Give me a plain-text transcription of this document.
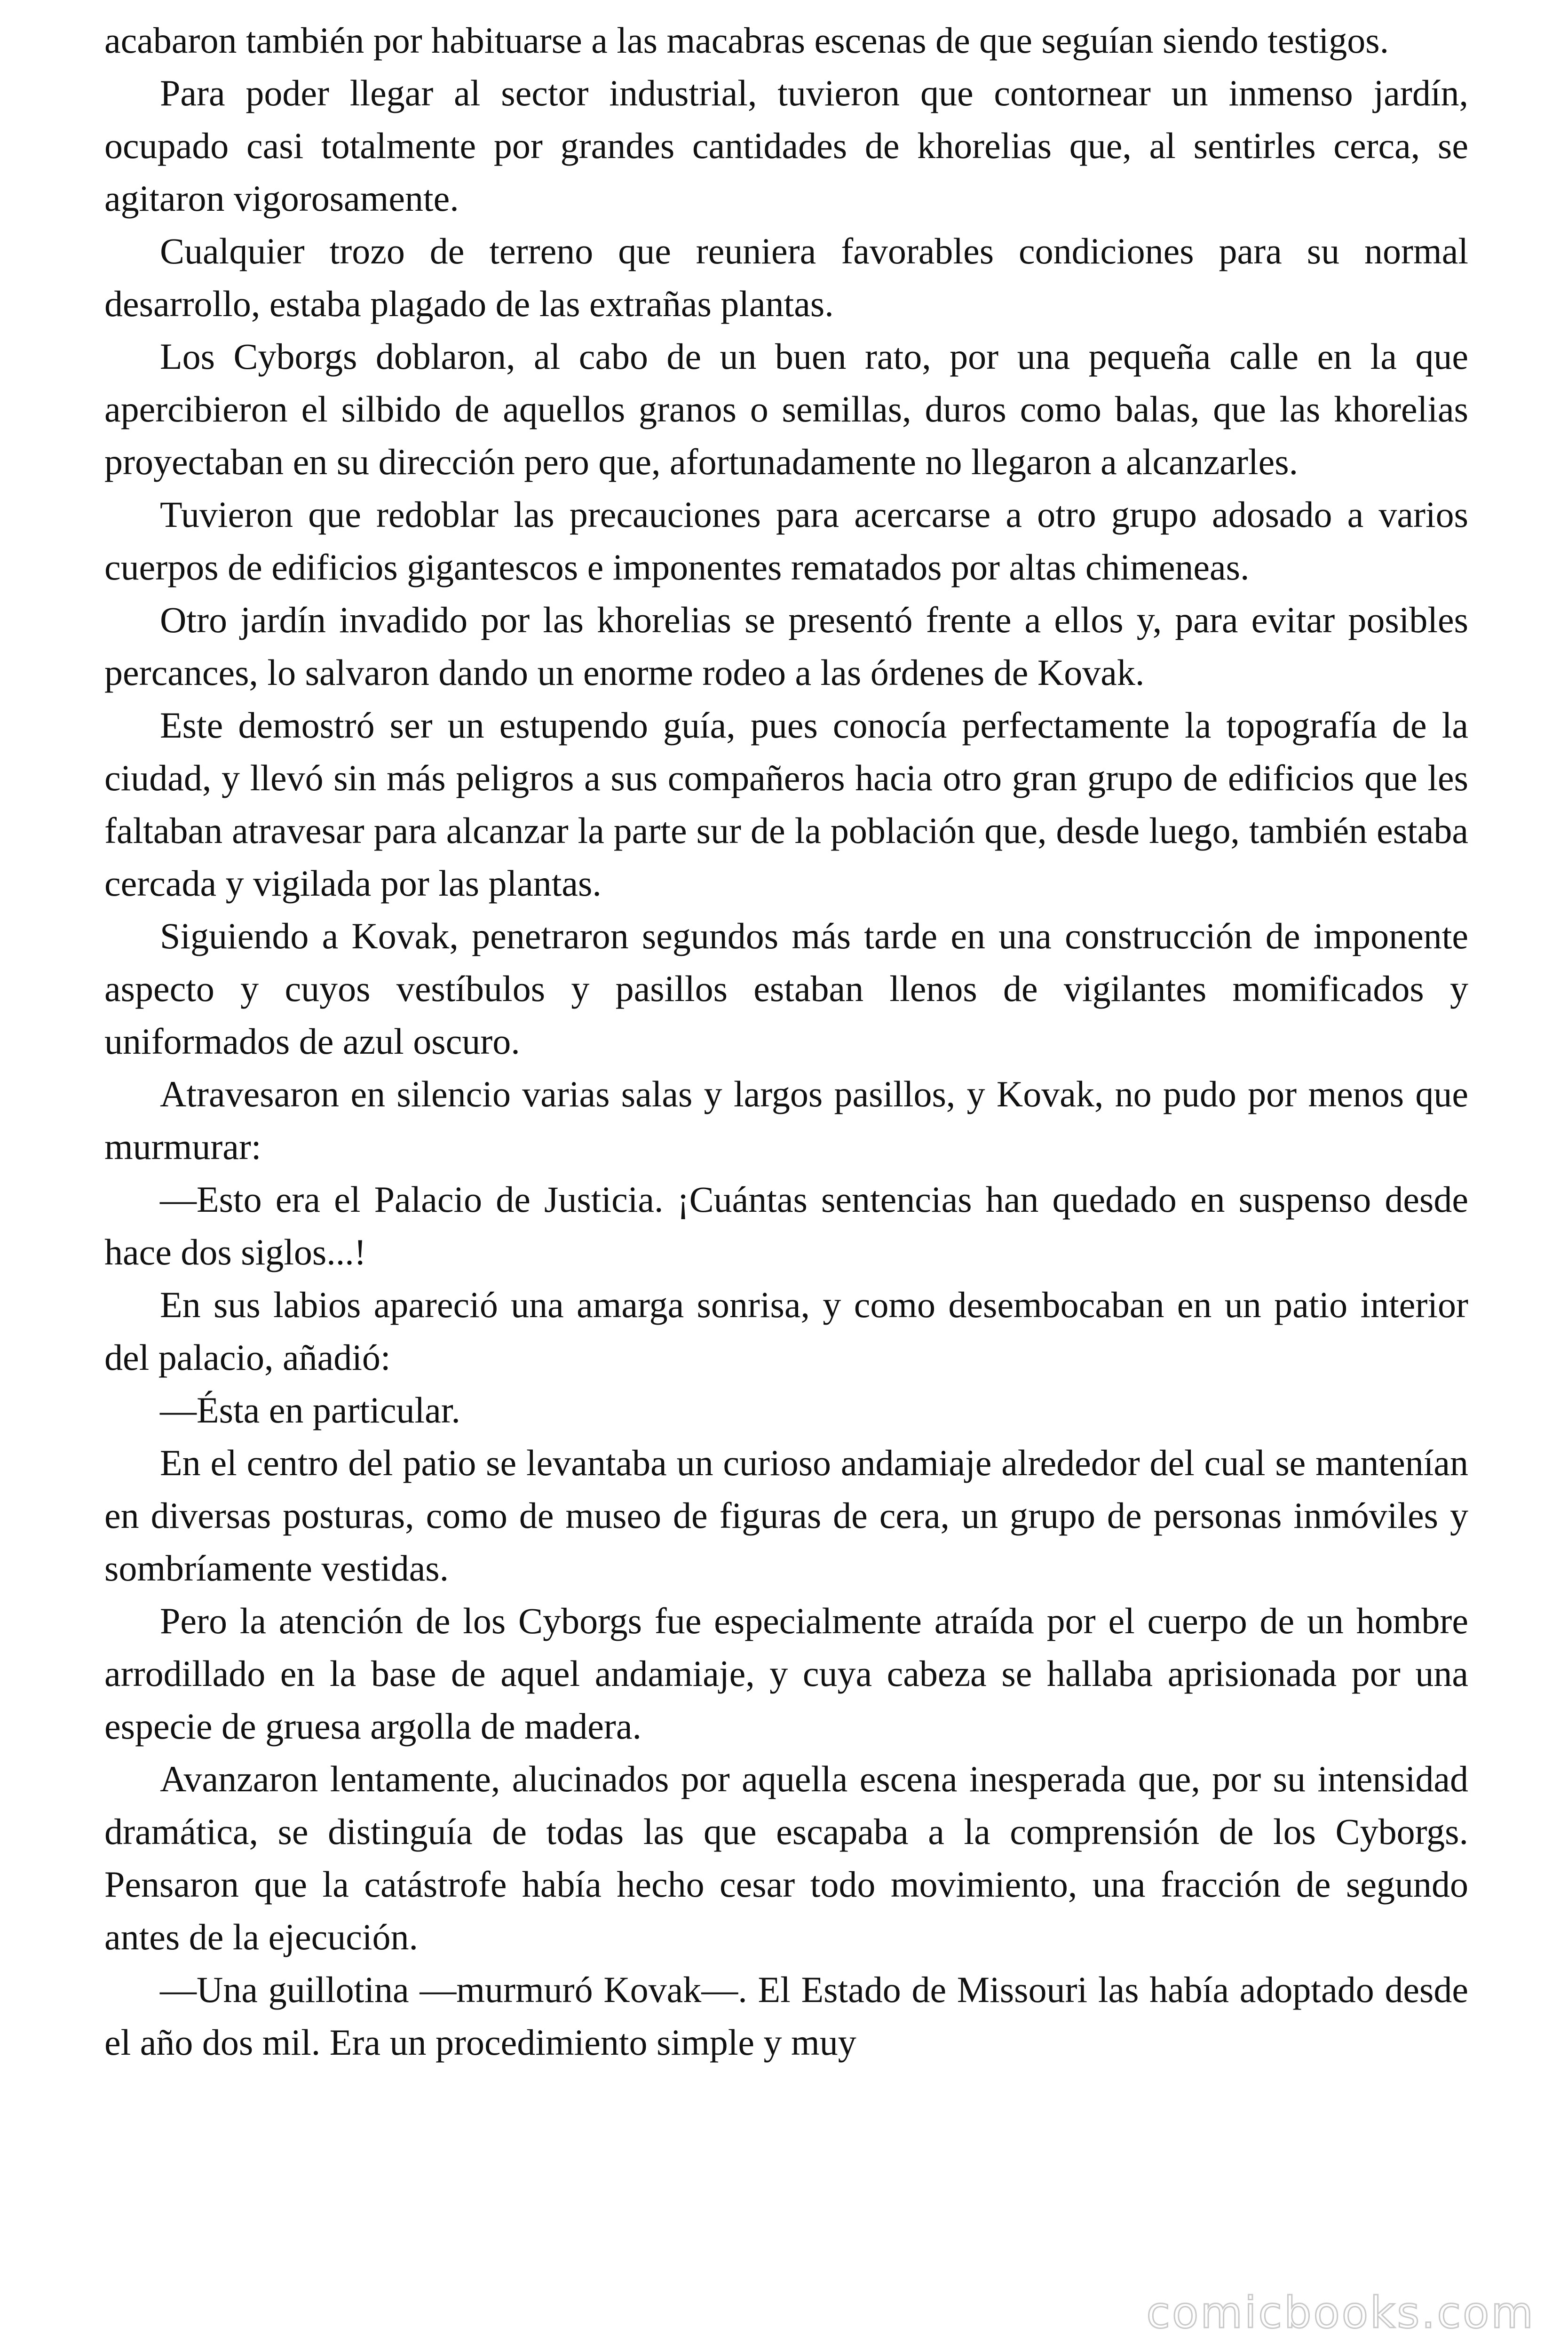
acabaron también por habituarse a las macabras escenas de que seguían siendo testigos.

Para poder llegar al sector industrial, tuvieron que contornear un inmenso jardín, ocupado casi totalmente por grandes cantidades de khorelias que, al sentirles cerca, se agitaron vigorosamente.

Cualquier trozo de terreno que reuniera favorables condiciones para su normal desarrollo, estaba plagado de las extrañas plantas.

Los Cyborgs doblaron, al cabo de un buen rato, por una pequeña calle en la que apercibieron el silbido de aquellos granos o semillas, duros como balas, que las khorelias proyectaban en su dirección pero que, afortunadamente no llegaron a alcanzarles.

Tuvieron que redoblar las precauciones para acercarse a otro grupo adosado a varios cuerpos de edificios gigantescos e imponentes rematados por altas chimeneas.

Otro jardín invadido por las khorelias se presentó frente a ellos y, para evitar posibles percances, lo salvaron dando un enorme rodeo a las órdenes de Kovak.

Este demostró ser un estupendo guía, pues conocía perfectamente la topografía de la ciudad, y llevó sin más peligros a sus compañeros hacia otro gran grupo de edificios que les faltaban atravesar para alcanzar la parte sur de la población que, desde luego, también estaba cercada y vigilada por las plantas.

Siguiendo a Kovak, penetraron segundos más tarde en una construcción de imponente aspecto y cuyos vestíbulos y pasillos estaban llenos de vigilantes momificados y uniformados de azul oscuro.

Atravesaron en silencio varias salas y largos pasillos, y Kovak, no pudo por menos que murmurar:

—Esto era el Palacio de Justicia. ¡Cuántas sentencias han quedado en suspenso desde hace dos siglos...!

En sus labios apareció una amarga sonrisa, y como desembocaban en un patio interior del palacio, añadió:

—Ésta en particular.

En el centro del patio se levantaba un curioso andamiaje alrededor del cual se mantenían en diversas posturas, como de museo de figuras de cera, un grupo de personas inmóviles y sombríamente vestidas.

Pero la atención de los Cyborgs fue especialmente atraída por el cuerpo de un hombre arrodillado en la base de aquel andamiaje, y cuya cabeza se hallaba aprisionada por una especie de gruesa argolla de madera.

Avanzaron lentamente, alucinados por aquella escena inesperada que, por su intensidad dramática, se distinguía de todas las que escapaba a la comprensión de los Cyborgs. Pensaron que la catástrofe había hecho cesar todo movimiento, una fracción de segundo antes de la ejecución.

—Una guillotina —murmuró Kovak—. El Estado de Missouri las había adoptado desde el año dos mil. Era un procedimiento simple y muy

comicbooks.com
